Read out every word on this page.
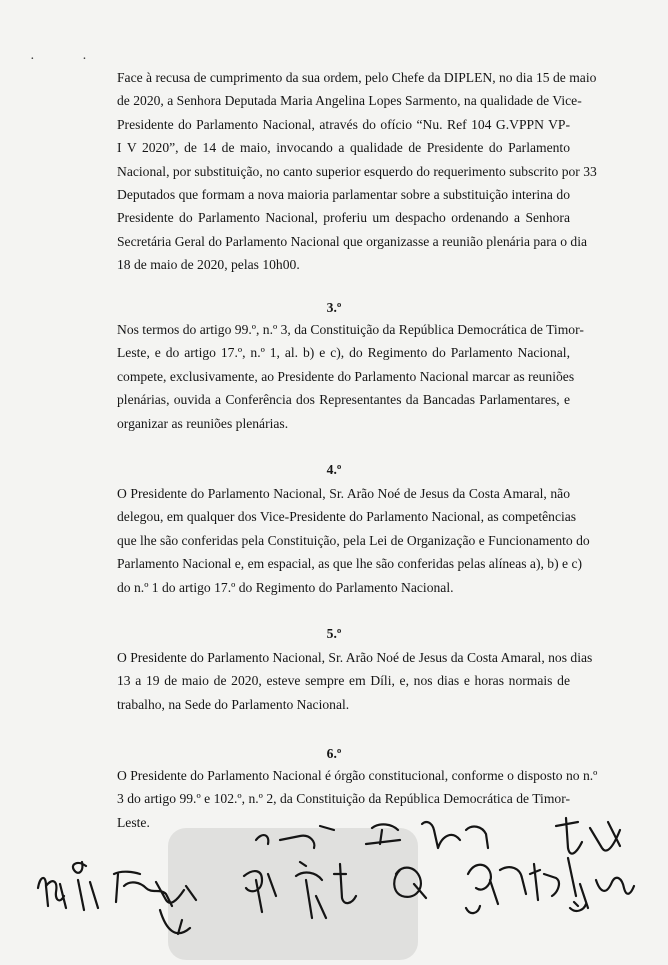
· ·
Face à recusa de cumprimento da sua ordem, pelo Chefe da DIPLEN, no dia 15 de maio
de 2020, a Senhora Deputada Maria Angelina Lopes Sarmento, na qualidade de Vice-
Presidente do Parlamento Nacional, através do ofício “Nu. Ref 104 G.VPPN VP-
I V 2020”, de 14 de maio, invocando a qualidade de Presidente do Parlamento
Nacional, por substituição, no canto superior esquerdo do requerimento subscrito por 33
Deputados que formam a nova maioria parlamentar sobre a substituição interina do
Presidente do Parlamento Nacional, proferiu um despacho ordenando a Senhora
Secretária Geral do Parlamento Nacional que organizasse a reunião plenária para o dia
18 de maio de 2020, pelas 10h00.
3.º
Nos termos do artigo 99.º, n.º 3, da Constituição da República Democrática de Timor-
Leste, e do artigo 17.º, n.º 1, al. b) e c), do Regimento do Parlamento Nacional,
compete, exclusivamente, ao Presidente do Parlamento Nacional marcar as reuniões
plenárias, ouvida a Conferência dos Representantes da Bancadas Parlamentares, e
organizar as reuniões plenárias.
4.º
O Presidente do Parlamento Nacional, Sr. Arão Noé de Jesus da Costa Amaral, não
delegou, em qualquer dos Vice-Presidente do Parlamento Nacional, as competências
que lhe são conferidas pela Constituição, pela Lei de Organização e Funcionamento do
Parlamento Nacional e, em espacial, as que lhe são conferidas pelas alíneas a), b) e c)
do n.º 1 do artigo 17.º do Regimento do Parlamento Nacional.
5.º
O Presidente do Parlamento Nacional, Sr. Arão Noé de Jesus da Costa Amaral, nos dias
13 a 19 de maio de 2020, esteve sempre em Díli, e, nos dias e horas normais de
trabalho, na Sede do Parlamento Nacional.
6.º
O Presidente do Parlamento Nacional é órgão constitucional, conforme o disposto no n.º
3 do artigo 99.º e 102.º, n.º 2, da Constituição da República Democrática de Timor-
Leste.
